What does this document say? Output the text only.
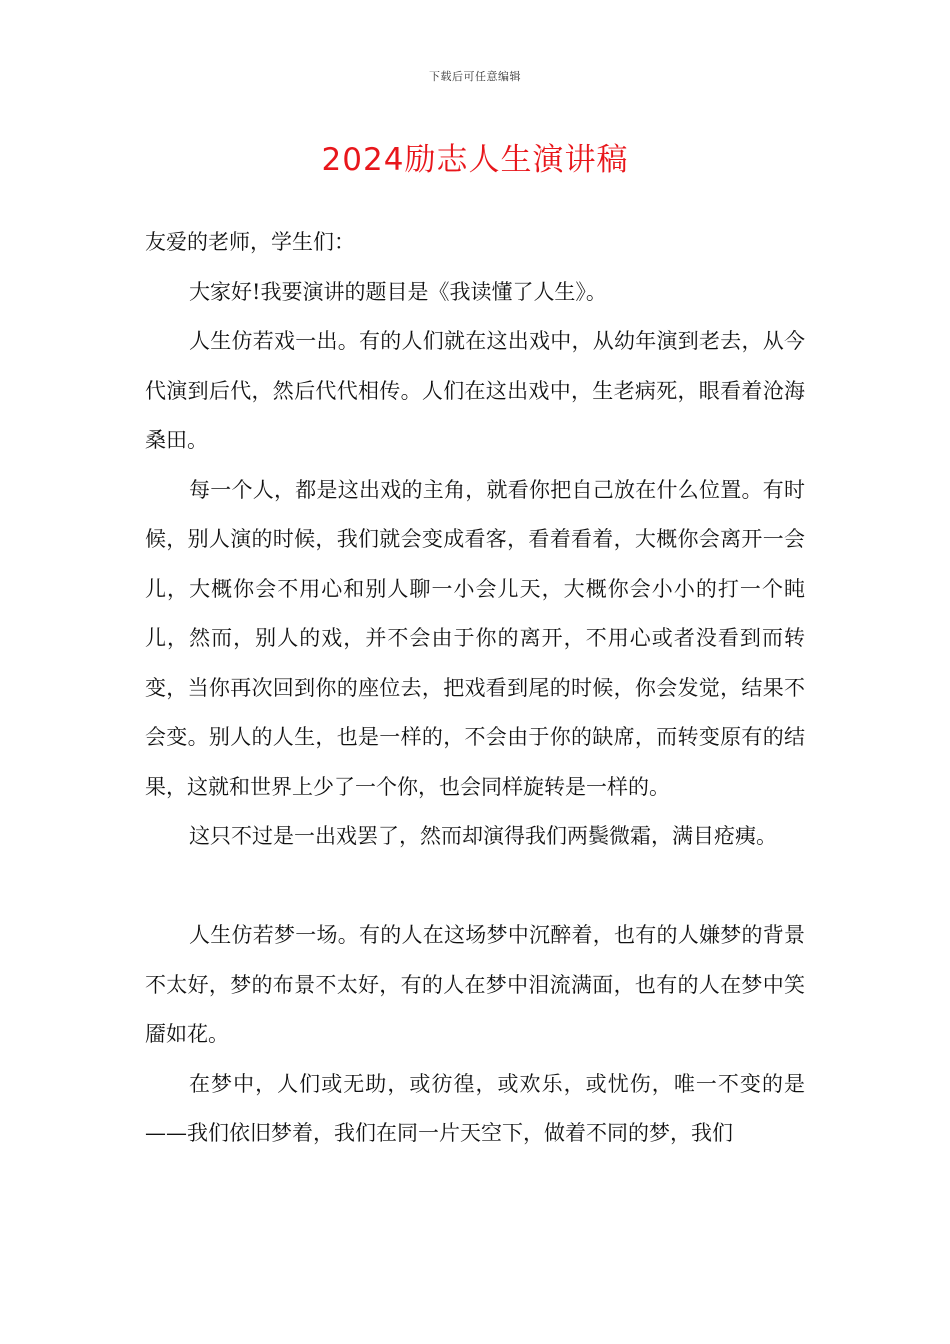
下载后可任意编辑
2024励志人生演讲稿

友爱的老师，学生们：

大家好!我要演讲的题目是《我读懂了人生》。

人生仿若戏一出。有的人们就在这出戏中，从幼年演到老去，从今代演到后代，然后代代相传。人们在这出戏中，生老病死，眼看着沧海桑田。

每一个人，都是这出戏的主角，就看你把自己放在什么位置。有时候，别人演的时候，我们就会变成看客，看着看着，大概你会离开一会儿，大概你会不用心和别人聊一小会儿天，大概你会小小的打一个盹儿，然而，别人的戏，并不会由于你的离开，不用心或者没看到而转变，当你再次回到你的座位去，把戏看到尾的时候，你会发觉，结果不会变。别人的人生，也是一样的，不会由于你的缺席，而转变原有的结果，这就和世界上少了一个你，也会同样旋转是一样的。

这只不过是一出戏罢了，然而却演得我们两鬓微霜，满目疮痍。

人生仿若梦一场。有的人在这场梦中沉醉着，也有的人嫌梦的背景不太好，梦的布景不太好，有的人在梦中泪流满面，也有的人在梦中笑靥如花。

在梦中，人们或无助，或彷徨，或欢乐，或忧伤，唯一不变的是——我们依旧梦着，我们在同一片天空下，做着不同的梦，我们
